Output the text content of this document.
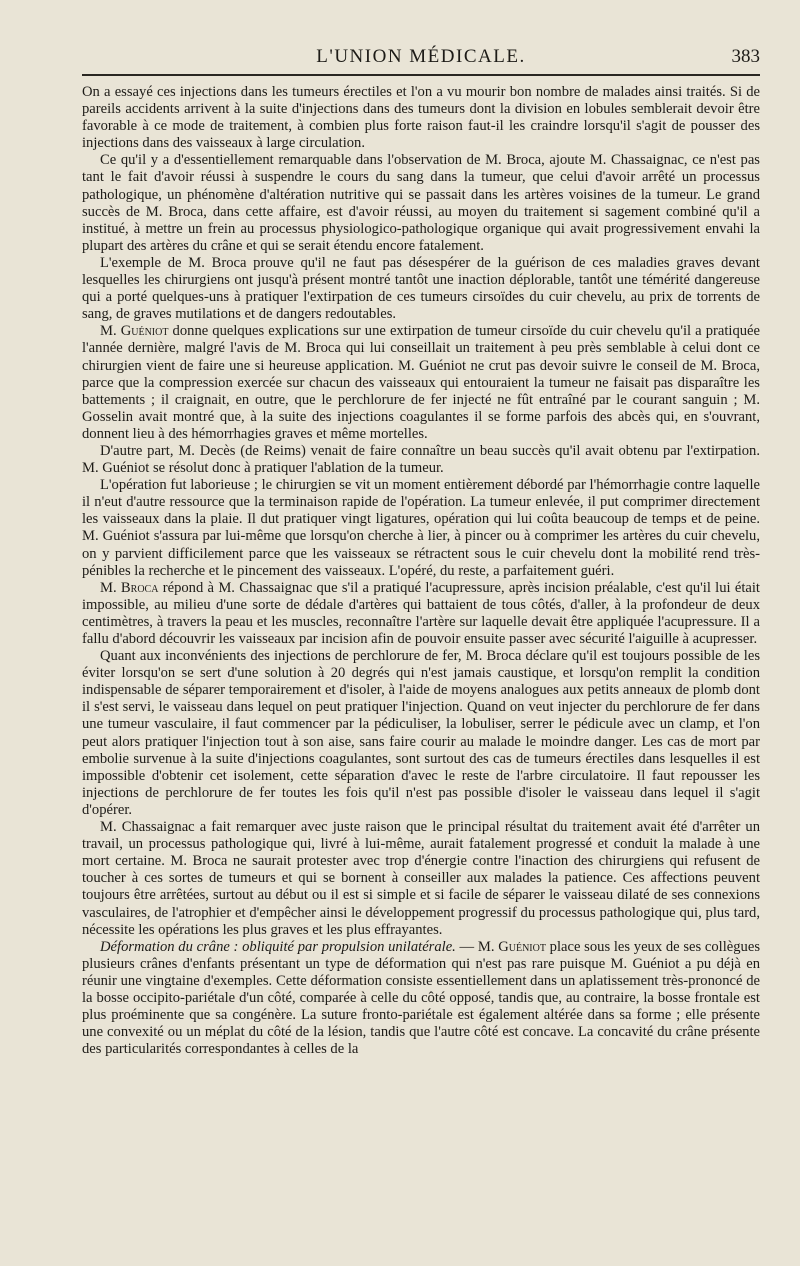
L'UNION MÉDICALE.	383

On a essayé ces injections dans les tumeurs érectiles et l'on a vu mourir bon nombre de malades ainsi traités. Si de pareils accidents arrivent à la suite d'injections dans des tumeurs dont la division en lobules semblerait devoir être favorable à ce mode de traitement, à combien plus forte raison faut-il les craindre lorsqu'il s'agit de pousser des injections dans des vaisseaux à large circulation.

Ce qu'il y a d'essentiellement remarquable dans l'observation de M. Broca, ajoute M. Chassaignac, ce n'est pas tant le fait d'avoir réussi à suspendre le cours du sang dans la tumeur, que celui d'avoir arrêté un processus pathologique, un phénomène d'altération nutritive qui se passait dans les artères voisines de la tumeur. Le grand succès de M. Broca, dans cette affaire, est d'avoir réussi, au moyen du traitement si sagement combiné qu'il a institué, à mettre un frein au processus physiologico-pathologique organique qui avait progressivement envahi la plupart des artères du crâne et qui se serait étendu encore fatalement.

L'exemple de M. Broca prouve qu'il ne faut pas désespérer de la guérison de ces maladies graves devant lesquelles les chirurgiens ont jusqu'à présent montré tantôt une inaction déplorable, tantôt une témérité dangereuse qui a porté quelques-uns à pratiquer l'extirpation de ces tumeurs cirsoïdes du cuir chevelu, au prix de torrents de sang, de graves mutilations et de dangers redoutables.

M. Guéniot donne quelques explications sur une extirpation de tumeur cirsoïde du cuir chevelu qu'il a pratiquée l'année dernière, malgré l'avis de M. Broca qui lui conseillait un traitement à peu près semblable à celui dont ce chirurgien vient de faire une si heureuse application. M. Guéniot ne crut pas devoir suivre le conseil de M. Broca, parce que la compression exercée sur chacun des vaisseaux qui entouraient la tumeur ne faisait pas disparaître les battements ; il craignait, en outre, que le perchlorure de fer injecté ne fût entraîné par le courant sanguin ; M. Gosselin avait montré que, à la suite des injections coagulantes il se forme parfois des abcès qui, en s'ouvrant, donnent lieu à des hémorrhagies graves et même mortelles.

D'autre part, M. Decès (de Reims) venait de faire connaître un beau succès qu'il avait obtenu par l'extirpation. M. Guéniot se résolut donc à pratiquer l'ablation de la tumeur.

L'opération fut laborieuse ; le chirurgien se vit un moment entièrement débordé par l'hémorrhagie contre laquelle il n'eut d'autre ressource que la terminaison rapide de l'opération. La tumeur enlevée, il put comprimer directement les vaisseaux dans la plaie. Il dut pratiquer vingt ligatures, opération qui lui coûta beaucoup de temps et de peine. M. Guéniot s'assura par lui-même que lorsqu'on cherche à lier, à pincer ou à comprimer les artères du cuir chevelu, on y parvient difficilement parce que les vaisseaux se rétractent sous le cuir chevelu dont la mobilité rend très-pénibles la recherche et le pincement des vaisseaux. L'opéré, du reste, a parfaitement guéri.

M. Broca répond à M. Chassaignac que s'il a pratiqué l'acupressure, après incision préalable, c'est qu'il lui était impossible, au milieu d'une sorte de dédale d'artères qui battaient de tous côtés, d'aller, à la profondeur de deux centimètres, à travers la peau et les muscles, reconnaître l'artère sur laquelle devait être appliquée l'acupressure. Il a fallu d'abord découvrir les vaisseaux par incision afin de pouvoir ensuite passer avec sécurité l'aiguille à acupresser.

Quant aux inconvénients des injections de perchlorure de fer, M. Broca déclare qu'il est toujours possible de les éviter lorsqu'on se sert d'une solution à 20 degrés qui n'est jamais caustique, et lorsqu'on remplit la condition indispensable de séparer temporairement et d'isoler, à l'aide de moyens analogues aux petits anneaux de plomb dont il s'est servi, le vaisseau dans lequel on peut pratiquer l'injection. Quand on veut injecter du perchlorure de fer dans une tumeur vasculaire, il faut commencer par la pédiculiser, la lobuliser, serrer le pédicule avec un clamp, et l'on peut alors pratiquer l'injection tout à son aise, sans faire courir au malade le moindre danger. Les cas de mort par embolie survenue à la suite d'injections coagulantes, sont surtout des cas de tumeurs érectiles dans lesquelles il est impossible d'obtenir cet isolement, cette séparation d'avec le reste de l'arbre circulatoire. Il faut repousser les injections de perchlorure de fer toutes les fois qu'il n'est pas possible d'isoler le vaisseau dans lequel il s'agit d'opérer.

M. Chassaignac a fait remarquer avec juste raison que le principal résultat du traitement avait été d'arrêter un travail, un processus pathologique qui, livré à lui-même, aurait fatalement progressé et conduit la malade à une mort certaine. M. Broca ne saurait protester avec trop d'énergie contre l'inaction des chirurgiens qui refusent de toucher à ces sortes de tumeurs et qui se bornent à conseiller aux malades la patience. Ces affections peuvent toujours être arrêtées, surtout au début ou il est si simple et si facile de séparer le vaisseau dilaté de ses connexions vasculaires, de l'atrophier et d'empêcher ainsi le développement progressif du processus pathologique qui, plus tard, nécessite les opérations les plus graves et les plus effrayantes.

Déformation du crâne : obliquité par propulsion unilatérale. — M. Guéniot place sous les yeux de ses collègues plusieurs crânes d'enfants présentant un type de déformation qui n'est pas rare puisque M. Guéniot a pu déjà en réunir une vingtaine d'exemples. Cette déformation consiste essentiellement dans un aplatissement très-prononcé de la bosse occipito-pariétale d'un côté, comparée à celle du côté opposé, tandis que, au contraire, la bosse frontale est plus proéminente que sa congénère. La suture fronto-pariétale est également altérée dans sa forme ; elle présente une convexité ou un méplat du côté de la lésion, tandis que l'autre côté est concave. La concavité du crâne présente des particularités correspondantes à celles de la
